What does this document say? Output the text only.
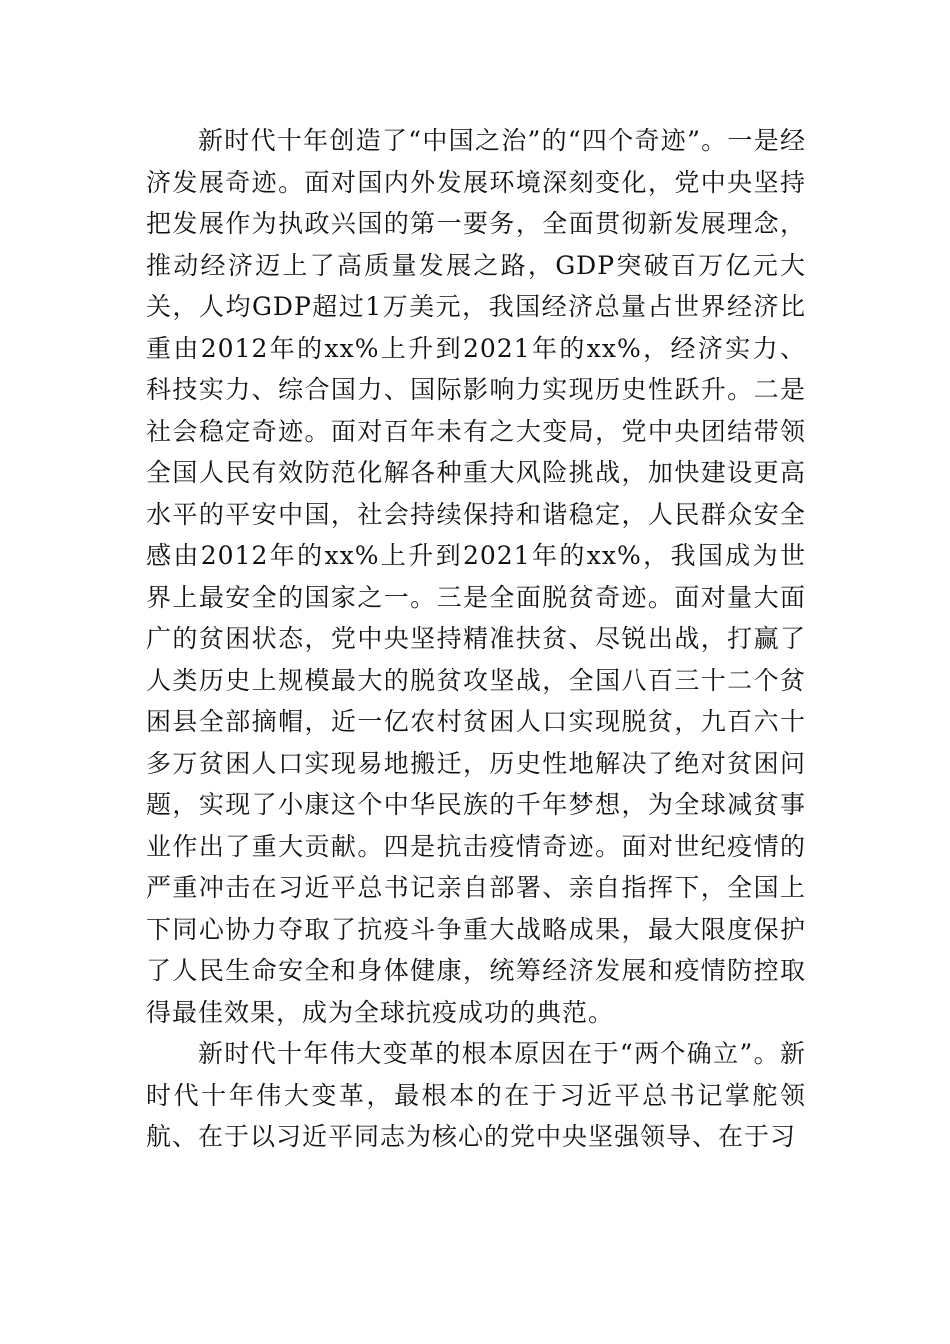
新时代十年创造了“中国之治”的“四个奇迹”。一是经济发展奇迹。面对国内外发展环境深刻变化，党中央坚持把发展作为执政兴国的第一要务，全面贯彻新发展理念，推动经济迈上了高质量发展之路，GDP突破百万亿元大关，人均GDP超过1万美元，我国经济总量占世界经济比重由2012年的xx%上升到2021年的xx%，经济实力、科技实力、综合国力、国际影响力实现历史性跃升。二是社会稳定奇迹。面对百年未有之大变局，党中央团结带领全国人民有效防范化解各种重大风险挑战，加快建设更高水平的平安中国，社会持续保持和谐稳定，人民群众安全感由2012年的xx%上升到2021年的xx%，我国成为世界上最安全的国家之一。三是全面脱贫奇迹。面对量大面广的贫困状态，党中央坚持精准扶贫、尽锐出战，打赢了人类历史上规模最大的脱贫攻坚战，全国八百三十二个贫困县全部摘帽，近一亿农村贫困人口实现脱贫，九百六十多万贫困人口实现易地搬迁，历史性地解决了绝对贫困问题，实现了小康这个中华民族的千年梦想，为全球减贫事业作出了重大贡献。四是抗击疫情奇迹。面对世纪疫情的严重冲击在习近平总书记亲自部署、亲自指挥下，全国上下同心协力夺取了抗疫斗争重大战略成果，最大限度保护了人民生命安全和身体健康，统筹经济发展和疫情防控取得最佳效果，成为全球抗疫成功的典范。

新时代十年伟大变革的根本原因在于“两个确立”。新时代十年伟大变革，最根本的在于习近平总书记掌舵领航、在于以习近平同志为核心的党中央坚强领导、在于习
